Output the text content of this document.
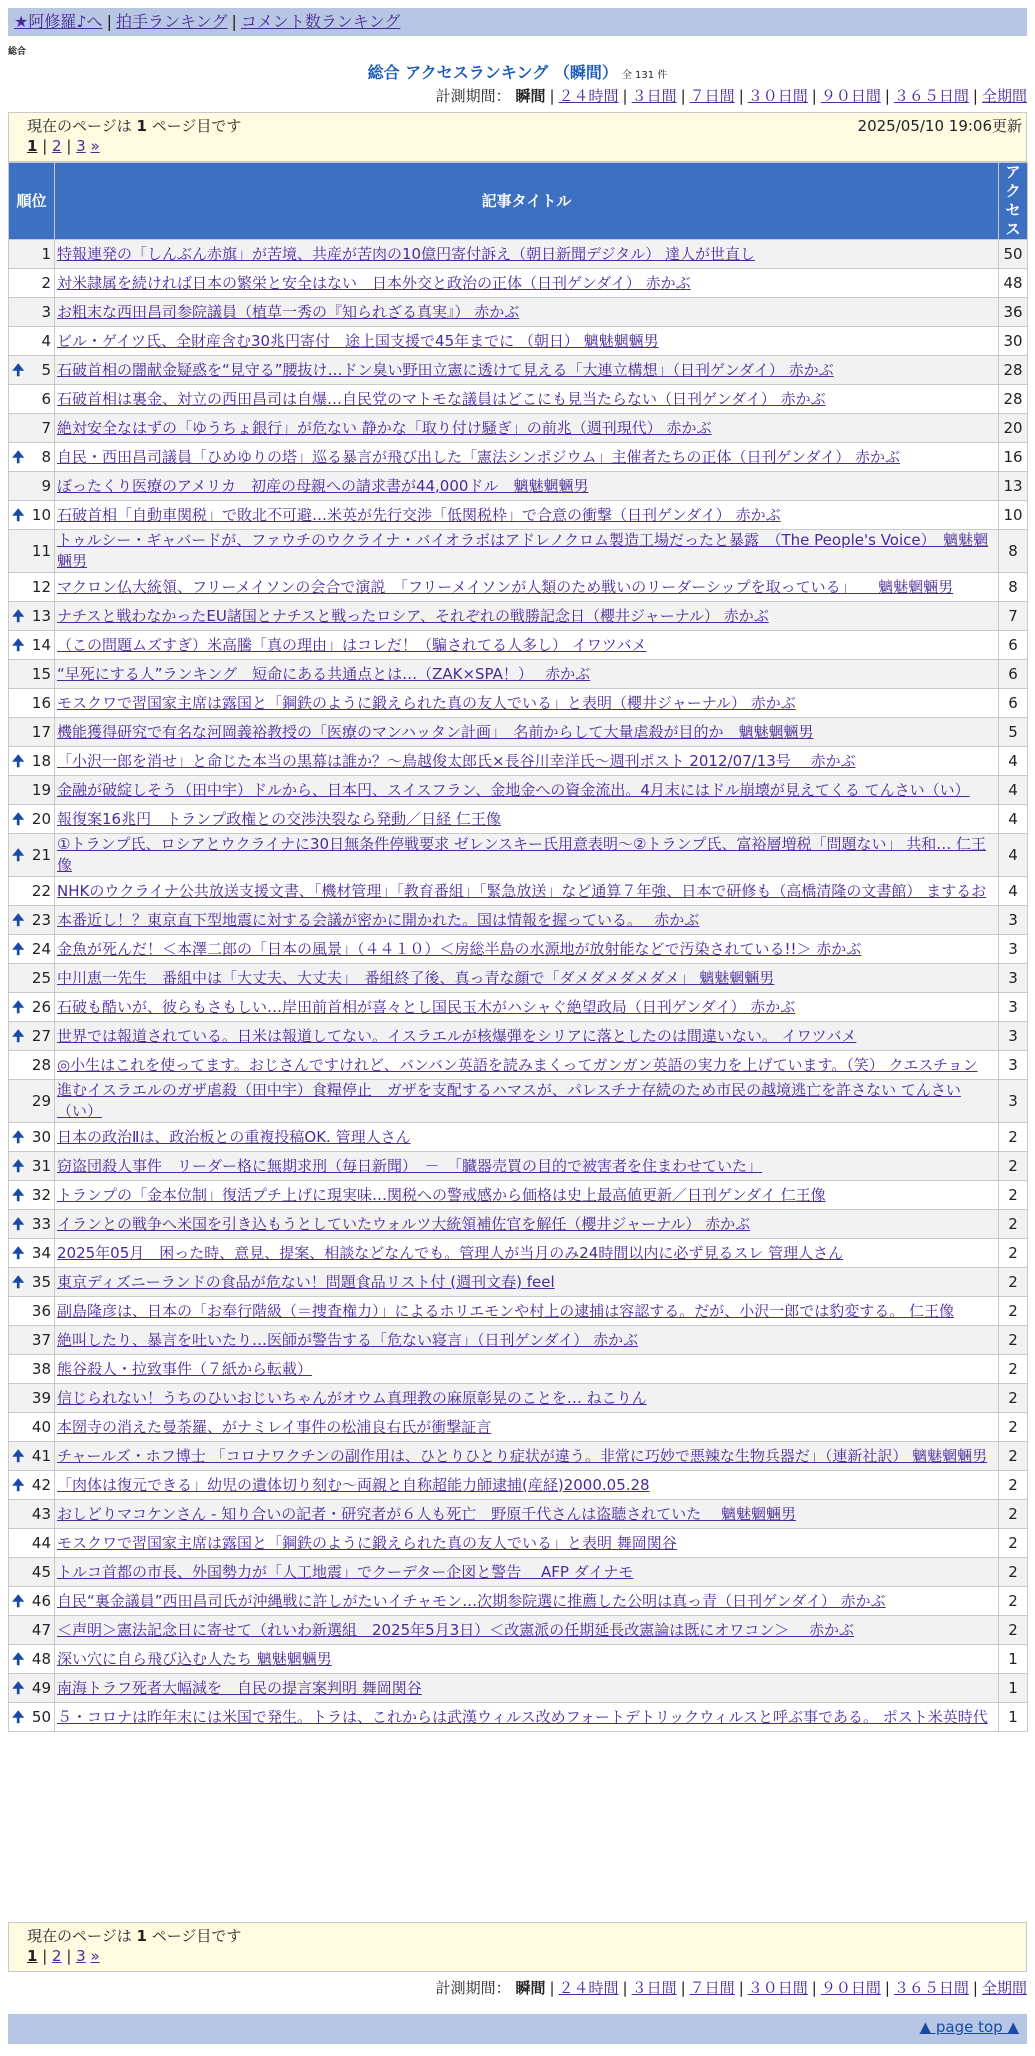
★阿修羅♪へ | 拍手ランキング | コメント数ランキング
総合
総合 アクセスランキング （瞬間） 全 131 件
計測期間： 瞬間 | ２４時間 | ３日間 | ７日間 | ３０日間 | ９０日間 | ３６５日間 | 全期間
現在のページは 1 ページ目です	2025/05/10 19:06更新
1 | 2 | 3 »
順位	記事タイトル	アクセス
1	特報連発の「しんぶん赤旗」が苦境、共産が苦肉の10億円寄付訴え（朝日新聞デジタル） 達人が世直し	50
2	対米隷属を続ければ日本の繁栄と安全はない　日本外交と政治の正体（日刊ゲンダイ） 赤かぶ	48
3	お粗末な西田昌司参院議員（植草一秀の『知られざる真実』） 赤かぶ	36
4	ビル・ゲイツ氏、全財産含む30兆円寄付　途上国支援で45年までに （朝日） 魑魅魍魎男	30

🠉 5	石破首相の闇献金疑惑を“見守る”腰抜け…ドン臭い野田立憲に透けて見える「大連立構想」（日刊ゲンダイ） 赤かぶ	28
6	石破首相は裏金、対立の西田昌司は自爆…自民党のマトモな議員はどこにも見当たらない（日刊ゲンダイ） 赤かぶ	28
7	絶対安全なはずの「ゆうちょ銀行」が危ない 静かな「取り付け騒ぎ」の前兆（週刊現代） 赤かぶ	20

🠉 8	自民・西田昌司議員「ひめゆりの塔」巡る暴言が飛び出した「憲法シンポジウム」主催者たちの正体（日刊ゲンダイ） 赤かぶ	16
9	ぼったくり医療のアメリカ　初産の母親への請求書が44,000ドル　魑魅魍魎男	13

🠉 10	石破首相「自動車関税」で敗北不可避…米英が先行交渉「低関税枠」で合意の衝撃（日刊ゲンダイ） 赤かぶ	10
11	トゥルシー・ギャバードが、ファウチのウクライナ・バイオラボはアドレノクロム製造工場だったと暴露　（The People's Voice）　魑魅魍魎男	8
12	マクロン仏大統領、フリーメイソンの会合で演説　「フリーメイソンが人類のため戦いのリーダーシップを取っている」　　魑魅魍魎男	8

🠉 13	ナチスと戦わなかったEU諸国とナチスと戦ったロシア、それぞれの戦勝記念日（櫻井ジャーナル） 赤かぶ	7

🠉 14	（この問題ムズすぎ）米高騰「真の理由」はコレだ！（騙されてる人多し） イワツバメ	6
15	“早死にする人”ランキング　短命にある共通点とは…（ZAK×SPA！）　 赤かぶ	6
16	モスクワで習国家主席は露国と「鋼鉄のように鍛えられた真の友人でいる」と表明（櫻井ジャーナル） 赤かぶ	6
17	機能獲得研究で有名な河岡義裕教授の「医療のマンハッタン計画」　名前からして大量虐殺が目的か　魑魅魍魎男	5

🠉 18	「小沢一郎を消せ」と命じた本当の黒幕は誰か？～鳥越俊太郎氏×長谷川幸洋氏～週刊ポスト 2012/07/13号　 赤かぶ	4
19	金融が破綻しそう（田中宇）ドルから、日本円、スイスフラン、金地金への資金流出。4月末にはドル崩壊が見えてくる てんさい（い）	4

🠉 20	報復案16兆円　トランプ政権との交渉決裂なら発動／日経 仁王像	4

🠉 21	①トランプ氏、ロシアとウクライナに30日無条件停戦要求 ゼレンスキー氏用意表明～②トランプ氏、富裕層増税「問題ない」 共和… 仁王像	4
22	NHKのウクライナ公共放送支援文書、「機材管理」「教育番組」「緊急放送」など通算７年強、日本で研修も（高橋清隆の文書館） まするお	4

🠉 23	本番近し！？東京直下型地震に対する会議が密かに開かれた。国は情報を握っている。　 赤かぶ	3

🠉 24	金魚が死んだ！＜本澤二郎の「日本の風景」（４４１０）＜房総半島の水源地が放射能などで汚染されている!!＞ 赤かぶ	3
25	中川恵一先生　番組中は「大丈夫、大丈夫」　番組終了後、真っ青な顔で「ダメダメダメダメ」 魑魅魍魎男	3

🠉 26	石破も酷いが、彼らもさもしい…岸田前首相が喜々とし国民玉木がハシャぐ絶望政局（日刊ゲンダイ） 赤かぶ	3

🠉 27	世界では報道されている。日米は報道してない。イスラエルが核爆弾をシリアに落としたのは間違いない。 イワツバメ	3
28	◎小生はこれを使ってます。おじさんですけれど、バンバン英語を読みまくってガンガン英語の実力を上げています。（笑） クエスチョン	3
29	進むイスラエルのガザ虐殺（田中宇）食糧停止　ガザを支配するハマスが、パレスチナ存続のため市民の越境逃亡を許さない てんさい（い）	3

🠉 30	日本の政治Ⅱは、政治板との重複投稿OK. 管理人さん	2

🠉 31	窃盗団殺人事件　リーダー格に無期求刑（毎日新聞）　－　「臓器売買の目的で被害者を住まわせていた」	2

🠉 32	トランプの「金本位制」復活プチ上げに現実味…関税への警戒感から価格は史上最高値更新／日刊ゲンダイ 仁王像	2

🠉 33	イランとの戦争へ米国を引き込もうとしていたウォルツ大統領補佐官を解任（櫻井ジャーナル） 赤かぶ	2

🠉 34	2025年05月　困った時、意見、提案、相談などなんでも。管理人が当月のみ24時間以内に必ず見るスレ 管理人さん	2

🠉 35	東京ディズニーランドの食品が危ない！問題食品リスト付 (週刊文春) feel	2
36	副島隆彦は、日本の「お奉行階級（＝捜査権力）」によるホリエモンや村上の逮捕は容認する。だが、小沢一郎では豹変する。 仁王像	2
37	絶叫したり、暴言を吐いたり…医師が警告する「危ない寝言」（日刊ゲンダイ） 赤かぶ	2
38	熊谷殺人・拉致事件（７紙から転載）	2
39	信じられない！うちのひいおじいちゃんがオウム真理教の麻原彰晃のことを… ねこりん	2
40	本圀寺の消えた曼荼羅、がナミレイ事件の松浦良右氏が衝撃証言	2

🠉 41	チャールズ・ホフ博士 「コロナワクチンの副作用は、ひとりひとり症状が違う。非常に巧妙で悪辣な生物兵器だ」（連新社訳） 魑魅魍魎男	2

🠉 42	「肉体は復元できる」幼児の遺体切り刻む～両親と自称超能力師逮捕(産経)2000.05.28	2
43	おしどりマコケンさん - 知り合いの記者・研究者が６人も死亡　野原千代さんは盗聴されていた　 魑魅魍魎男	2
44	モスクワで習国家主席は露国と「鋼鉄のように鍛えられた真の友人でいる」と表明 舞岡関谷	2
45	トルコ首都の市長、外国勢力が「人工地震」でクーデター企図と警告　 AFP ダイナモ	2

🠉 46	自民“裏金議員”西田昌司氏が沖縄戦に許しがたいイチャモン…次期参院選に推薦した公明は真っ青（日刊ゲンダイ） 赤かぶ	2
47	＜声明＞憲法記念日に寄せて（れいわ新選組　2025年5月3日）＜改憲派の任期延長改憲論は既にオワコン＞　 赤かぶ	2

🠉 48	深い穴に自ら飛び込む人たち 魑魅魍魎男	1

🠉 49	南海トラフ死者大幅減を　自民の提言案判明 舞岡関谷	1

🠉 50	５・コロナは昨年末には米国で発生。トラは、これからは武漢ウィルス改めフォートデトリックウィルスと呼ぶ事である。 ポスト米英時代	1
現在のページは 1 ページ目です
1 | 2 | 3 »
計測期間： 瞬間 | ２４時間 | ３日間 | ７日間 | ３０日間 | ９０日間 | ３６５日間 | 全期間
▲ page top ▲
